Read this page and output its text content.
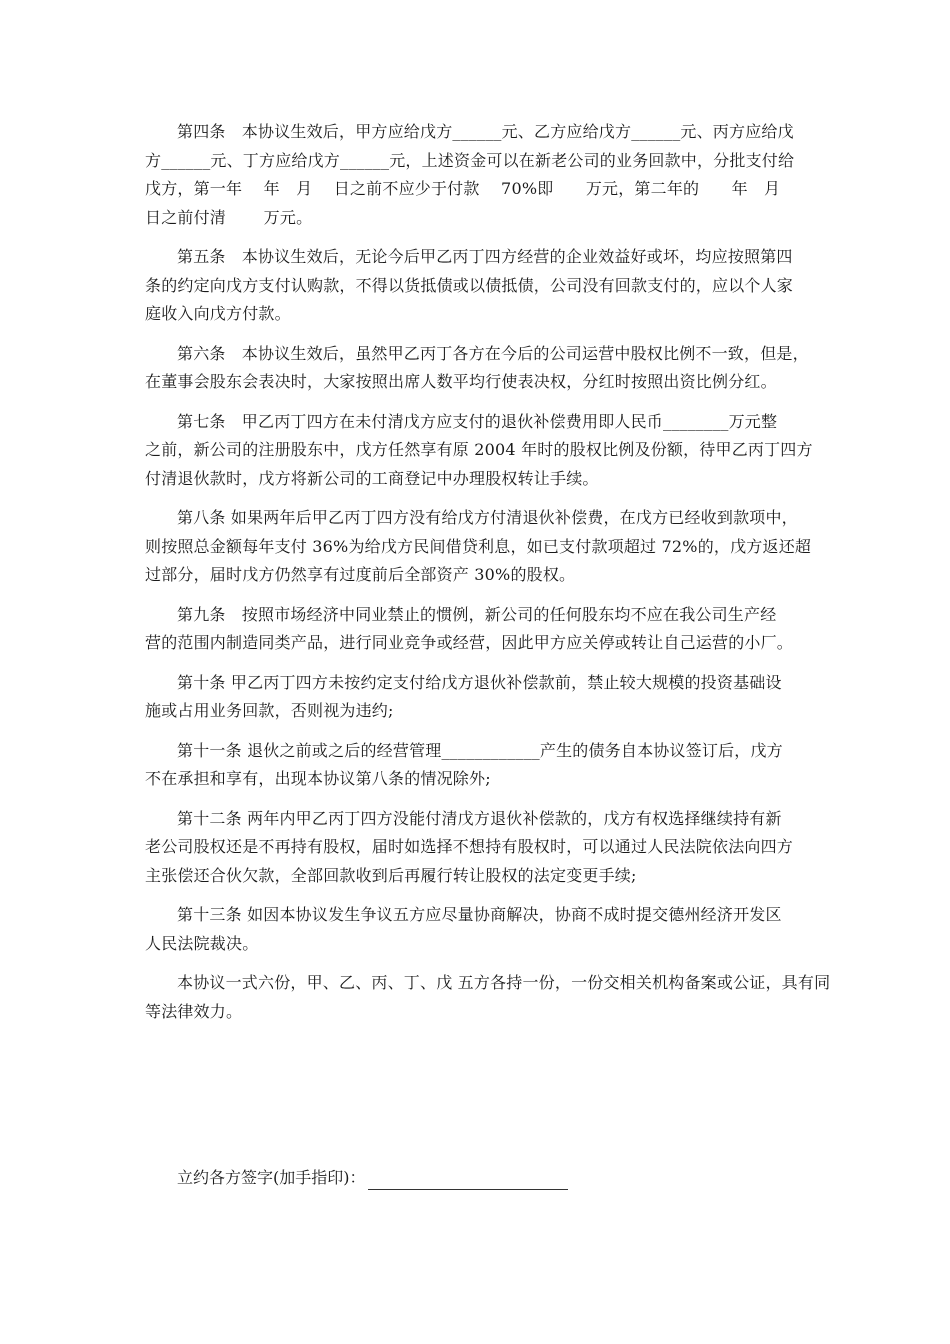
第四条　本协议生效后，甲方应给戊方______元、乙方应给戊方______元、丙方应给戊
方______元、丁方应给戊方______元，上述资金可以在新老公司的业务回款中，分批支付给
戊方，第一年　 年　月　 日之前不应少于付款　 70%即　　万元，第二年的　　年　月
日之前付清　　 万元。

第五条　本协议生效后，无论今后甲乙丙丁四方经营的企业效益好或坏，均应按照第四
条的约定向戊方支付认购款，不得以货抵债或以债抵债，公司没有回款支付的，应以个人家
庭收入向戊方付款。

第六条　本协议生效后，虽然甲乙丙丁各方在今后的公司运营中股权比例不一致，但是，
在董事会股东会表决时，大家按照出席人数平均行使表决权，分红时按照出资比例分红。

第七条　甲乙丙丁四方在未付清戊方应支付的退伙补偿费用即人民币________万元整
之前，新公司的注册股东中，戊方任然享有原 2004 年时的股权比例及份额，待甲乙丙丁四方
付清退伙款时，戊方将新公司的工商登记中办理股权转让手续。

第八条 如果两年后甲乙丙丁四方没有给戊方付清退伙补偿费，在戊方已经收到款项中，
则按照总金额每年支付 36%为给戊方民间借贷利息，如已支付款项超过 72%的，戊方返还超
过部分，届时戊方仍然享有过度前后全部资产 30%的股权。

第九条　按照市场经济中同业禁止的惯例，新公司的任何股东均不应在我公司生产经
营的范围内制造同类产品，进行同业竞争或经营，因此甲方应关停或转让自己运营的小厂。

第十条 甲乙丙丁四方未按约定支付给戊方退伙补偿款前，禁止较大规模的投资基础设
施或占用业务回款，否则视为违约;

第十一条 退伙之前或之后的经营管理____________产生的债务自本协议签订后，戊方
不在承担和享有，出现本协议第八条的情况除外;

第十二条 两年内甲乙丙丁四方没能付清戊方退伙补偿款的，戊方有权选择继续持有新
老公司股权还是不再持有股权，届时如选择不想持有股权时，可以通过人民法院依法向四方
主张偿还合伙欠款，全部回款收到后再履行转让股权的法定变更手续;

第十三条 如因本协议发生争议五方应尽量协商解决，协商不成时提交德州经济开发区
人民法院裁决。

本协议一式六份，甲、乙、丙、丁、戊 五方各持一份，一份交相关机构备案或公证，具有同
等法律效力。

立约各方签字(加手指印)：
